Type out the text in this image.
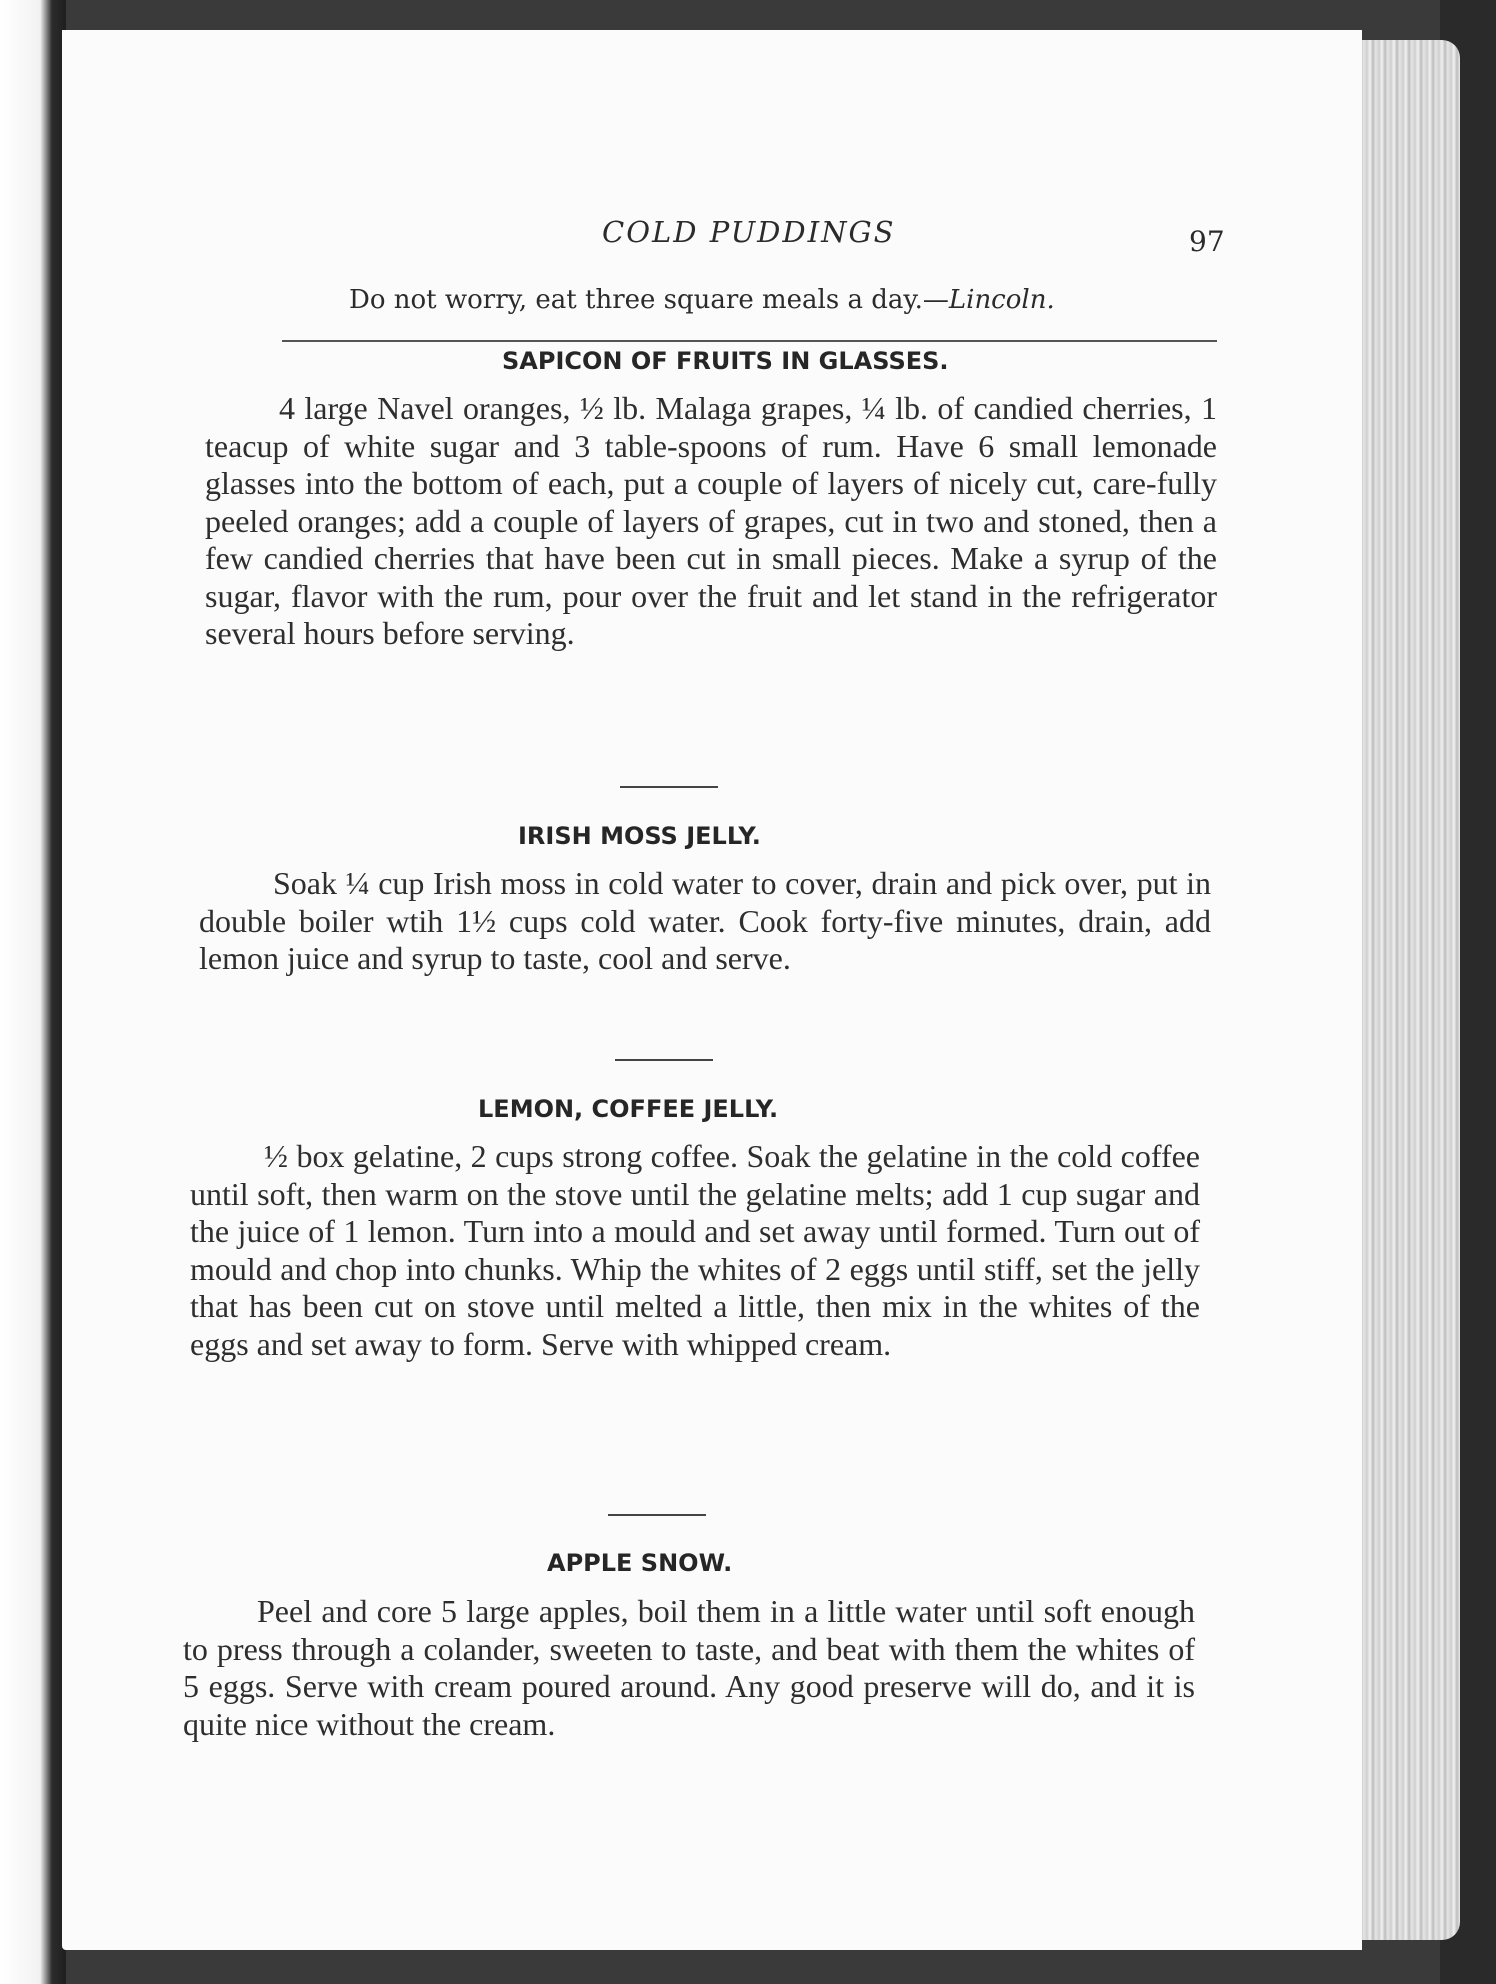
COLD PUDDINGS	97
Do not worry, eat three square meals a day.—Lincoln.
SAPICON OF FRUITS IN GLASSES.
4 large Navel oranges, ½ lb. Malaga grapes, ¼ lb. of candied cherries, 1 teacup of white sugar and 3 table-spoons of rum. Have 6 small lemonade glasses into the bottom of each, put a couple of layers of nicely cut, care-fully peeled oranges; add a couple of layers of grapes, cut in two and stoned, then a few candied cherries that have been cut in small pieces. Make a syrup of the sugar, flavor with the rum, pour over the fruit and let stand in the refrigerator several hours before serving.
IRISH MOSS JELLY.
Soak ¼ cup Irish moss in cold water to cover, drain and pick over, put in double boiler wtih 1½ cups cold water. Cook forty-five minutes, drain, add lemon juice and syrup to taste, cool and serve.
LEMON, COFFEE JELLY.
½ box gelatine, 2 cups strong coffee. Soak the gelatine in the cold coffee until soft, then warm on the stove until the gelatine melts; add 1 cup sugar and the juice of 1 lemon. Turn into a mould and set away until formed. Turn out of mould and chop into chunks. Whip the whites of 2 eggs until stiff, set the jelly that has been cut on stove until melted a little, then mix in the whites of the eggs and set away to form. Serve with whipped cream.
APPLE SNOW.
Peel and core 5 large apples, boil them in a little water until soft enough to press through a colander, sweeten to taste, and beat with them the whites of 5 eggs. Serve with cream poured around. Any good preserve will do, and it is quite nice without the cream.
